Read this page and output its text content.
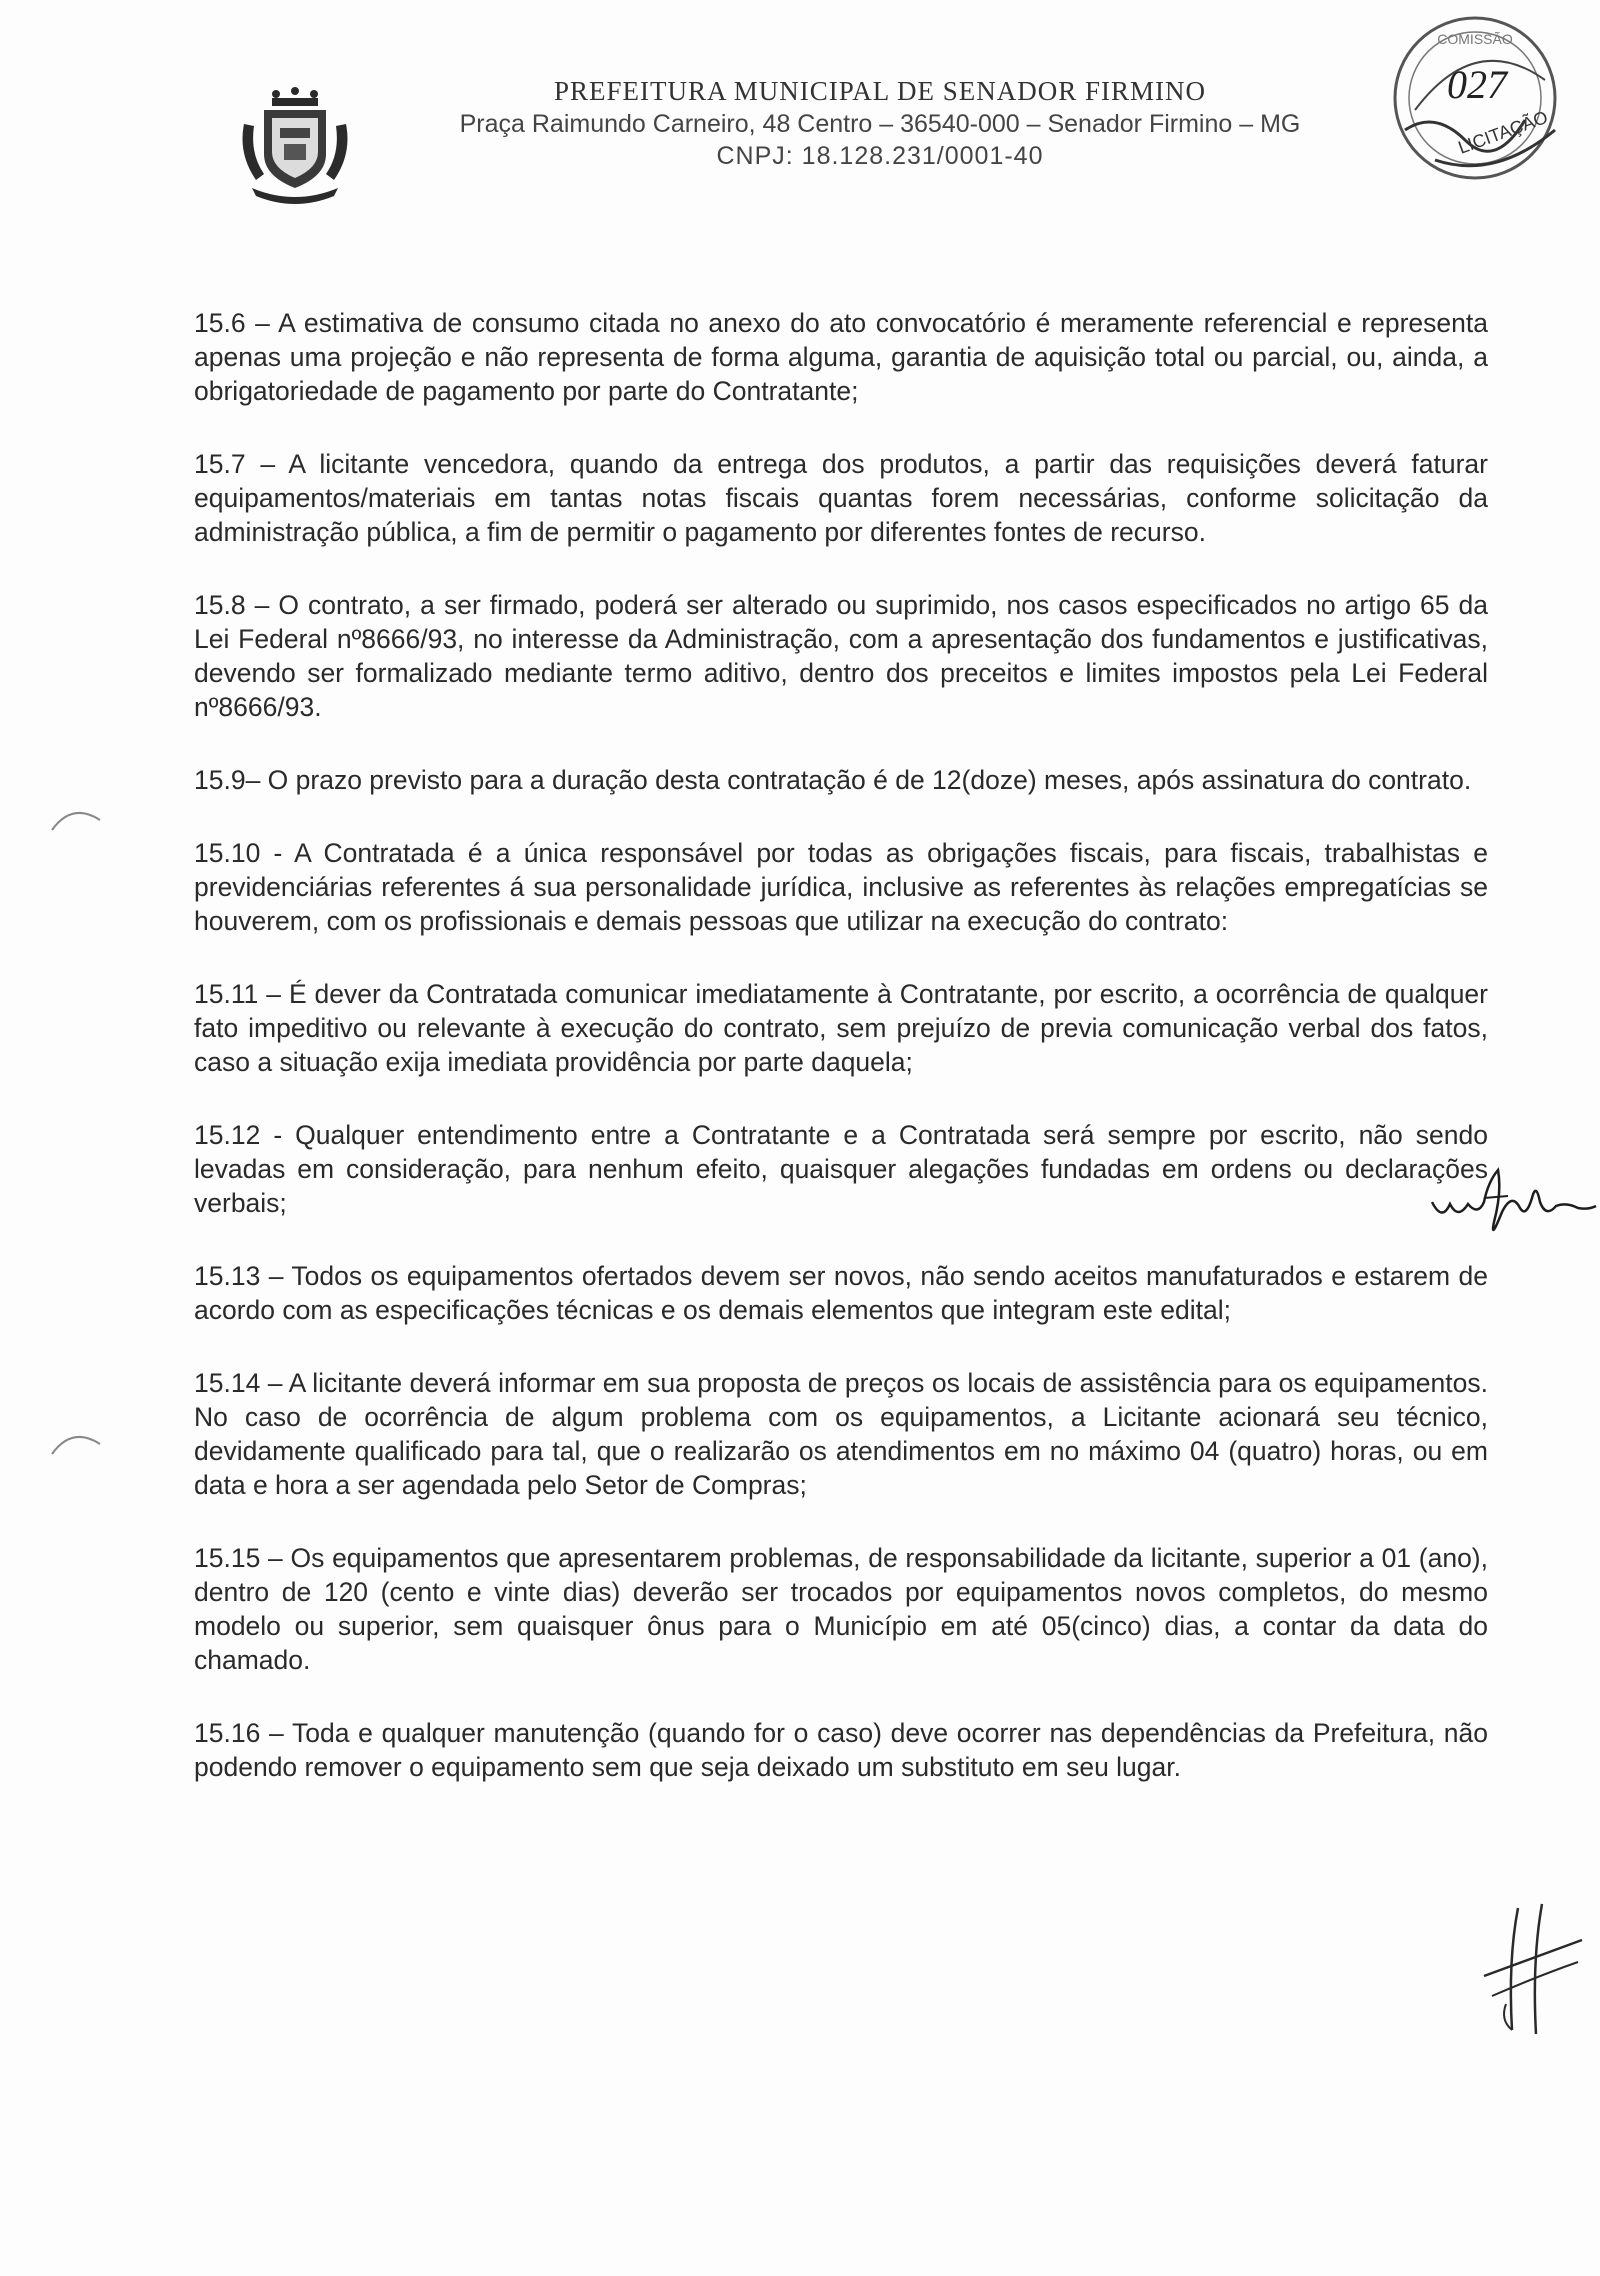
PREFEITURA MUNICIPAL DE SENADOR FIRMINO
Praça Raimundo Carneiro, 48 Centro – 36540-000 – Senador Firmino – MG
CNPJ: 18.128.231/0001-40
COMISSÃO
027
LICITAÇÃO

15.6 – A estimativa de consumo citada no anexo do ato convocatório é meramente referencial e representa apenas uma projeção e não representa de forma alguma, garantia de aquisição total ou parcial, ou, ainda, a obrigatoriedade de pagamento por parte do Contratante;

15.7 – A licitante vencedora, quando da entrega dos produtos, a partir das requisições deverá faturar equipamentos/materiais em tantas notas fiscais quantas forem necessárias, conforme solicitação da administração pública, a fim de permitir o pagamento por diferentes fontes de recurso.

15.8 – O contrato, a ser firmado, poderá ser alterado ou suprimido, nos casos especificados no artigo 65 da Lei Federal nº8666/93, no interesse da Administração, com a apresentação dos fundamentos e justificativas, devendo ser formalizado mediante termo aditivo, dentro dos preceitos e limites impostos pela Lei Federal nº8666/93.

15.9– O prazo previsto para a duração desta contratação é de 12(doze) meses, após assinatura do contrato.

15.10 - A Contratada é a única responsável por todas as obrigações fiscais, para fiscais, trabalhistas e previdenciárias referentes á sua personalidade jurídica, inclusive as referentes às relações empregatícias se houverem, com os profissionais e demais pessoas que utilizar na execução do contrato:

15.11 – É dever da Contratada comunicar imediatamente à Contratante, por escrito, a ocorrência de qualquer fato impeditivo ou relevante à execução do contrato, sem prejuízo de previa comunicação verbal dos fatos, caso a situação exija imediata providência por parte daquela;

15.12 - Qualquer entendimento entre a Contratante e a Contratada será sempre por escrito, não sendo levadas em consideração, para nenhum efeito, quaisquer alegações fundadas em ordens ou declarações verbais;

15.13 – Todos os equipamentos ofertados devem ser novos, não sendo aceitos manufaturados e estarem de acordo com as especificações técnicas e os demais elementos que integram este edital;

15.14 – A licitante deverá informar em sua proposta de preços os locais de assistência para os equipamentos. No caso de ocorrência de algum problema com os equipamentos, a Licitante acionará seu técnico, devidamente qualificado para tal, que o realizarão os atendimentos em no máximo 04 (quatro) horas, ou em data e hora a ser agendada pelo Setor de Compras;

15.15 – Os equipamentos que apresentarem problemas, de responsabilidade da licitante, superior a 01 (ano), dentro de 120 (cento e vinte dias) deverão ser trocados por equipamentos novos completos, do mesmo modelo ou superior, sem quaisquer ônus para o Município em até 05(cinco) dias, a contar da data do chamado.

15.16 – Toda e qualquer manutenção (quando for o caso) deve ocorrer nas dependências da Prefeitura, não podendo remover o equipamento sem que seja deixado um substituto em seu lugar.
